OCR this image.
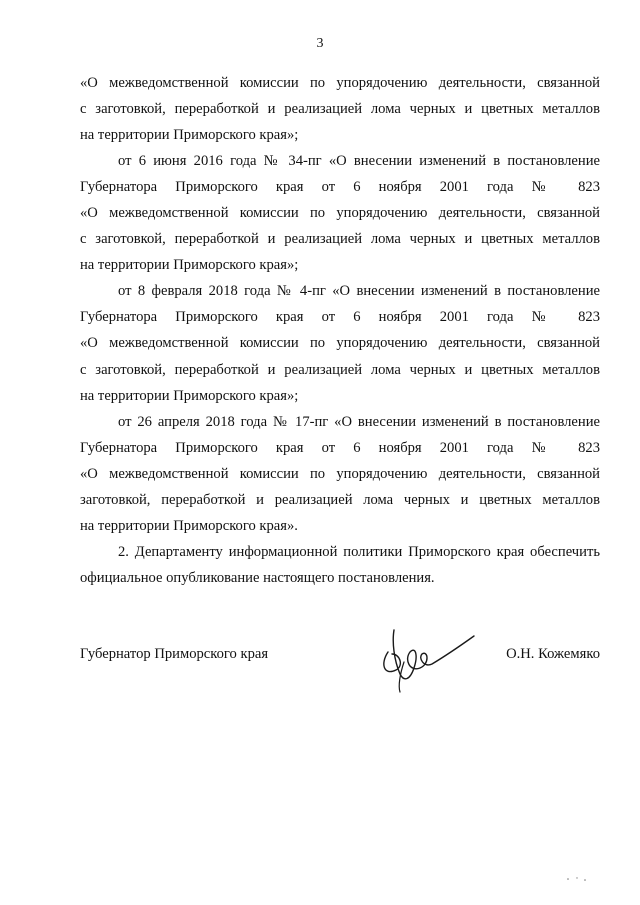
3
«О межведомственной комиссии по упорядочению деятельности, связанной
с заготовкой, переработкой и реализацией лома черных и цветных металлов
на территории Приморского края»;
от 6 июня 2016 года № 34-пг «О внесении изменений в постановление
Губернатора Приморского края от 6 ноября 2001 года № 823
«О межведомственной комиссии по упорядочению деятельности, связанной
с заготовкой, переработкой и реализацией лома черных и цветных металлов
на территории Приморского края»;
от 8 февраля 2018 года № 4-пг «О внесении изменений в постановление
Губернатора Приморского края от 6 ноября 2001 года № 823
«О межведомственной комиссии по упорядочению деятельности, связанной
с заготовкой, переработкой и реализацией лома черных и цветных металлов
на территории Приморского края»;
от 26 апреля 2018 года № 17-пг «О внесении изменений в постановление
Губернатора Приморского края от 6 ноября 2001 года № 823
«О межведомственной комиссии по упорядочению деятельности, связанной
заготовкой, переработкой и реализацией лома черных и цветных металлов
на территории Приморского края».
2. Департаменту информационной политики Приморского края обеспечить
официальное опубликование настоящего постановления.
Губернатор Приморского края	О.Н. Кожемяко
